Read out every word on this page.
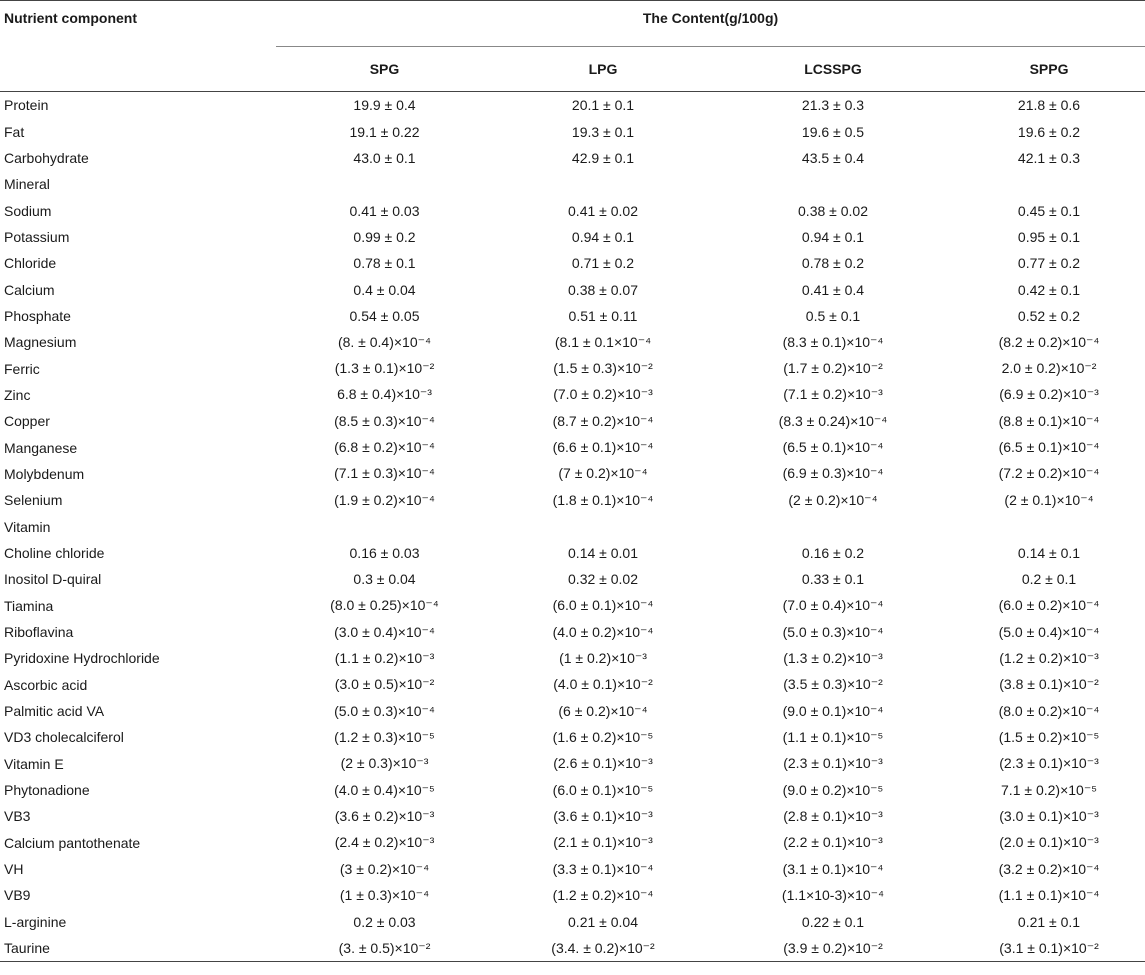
Nutrient component	The Content(g/100g)			
	SPG	LPG	LCSSPG	SPPG
Protein	19.9 ± 0.4	20.1 ± 0.1	21.3 ± 0.3	21.8 ± 0.6
Fat	19.1 ± 0.22	19.3 ± 0.1	19.6 ± 0.5	19.6 ± 0.2
Carbohydrate	43.0 ± 0.1	42.9 ± 0.1	43.5 ± 0.4	42.1 ± 0.3
Mineral				
Sodium	0.41 ± 0.03	0.41 ± 0.02	0.38 ± 0.02	0.45 ± 0.1
Potassium	0.99 ± 0.2	0.94 ± 0.1	0.94 ± 0.1	0.95 ± 0.1
Chloride	0.78 ± 0.1	0.71 ± 0.2	0.78 ± 0.2	0.77 ± 0.2
Calcium	0.4 ± 0.04	0.38 ± 0.07	0.41 ± 0.4	0.42 ± 0.1
Phosphate	0.54 ± 0.05	0.51 ± 0.11	0.5 ± 0.1	0.52 ± 0.2
Magnesium	(8. ± 0.4)×10⁻⁴	(8.1 ± 0.1×10⁻⁴	(8.3 ± 0.1)×10⁻⁴	(8.2 ± 0.2)×10⁻⁴
Ferric	(1.3 ± 0.1)×10⁻²	(1.5 ± 0.3)×10⁻²	(1.7 ± 0.2)×10⁻²	2.0 ± 0.2)×10⁻²
Zinc	6.8 ± 0.4)×10⁻³	(7.0 ± 0.2)×10⁻³	(7.1 ± 0.2)×10⁻³	(6.9 ± 0.2)×10⁻³
Copper	(8.5 ± 0.3)×10⁻⁴	(8.7 ± 0.2)×10⁻⁴	(8.3 ± 0.24)×10⁻⁴	(8.8 ± 0.1)×10⁻⁴
Manganese	(6.8 ± 0.2)×10⁻⁴	(6.6 ± 0.1)×10⁻⁴	(6.5 ± 0.1)×10⁻⁴	(6.5 ± 0.1)×10⁻⁴
Molybdenum	(7.1 ± 0.3)×10⁻⁴	(7 ± 0.2)×10⁻⁴	(6.9 ± 0.3)×10⁻⁴	(7.2 ± 0.2)×10⁻⁴
Selenium	(1.9 ± 0.2)×10⁻⁴	(1.8 ± 0.1)×10⁻⁴	(2 ± 0.2)×10⁻⁴	(2 ± 0.1)×10⁻⁴
Vitamin				
Choline chloride	0.16 ± 0.03	0.14 ± 0.01	0.16 ± 0.2	0.14 ± 0.1
Inositol D-quiral	0.3 ± 0.04	0.32 ± 0.02	0.33 ± 0.1	0.2 ± 0.1
Tiamina	(8.0 ± 0.25)×10⁻⁴	(6.0 ± 0.1)×10⁻⁴	(7.0 ± 0.4)×10⁻⁴	(6.0 ± 0.2)×10⁻⁴
Riboflavina	(3.0 ± 0.4)×10⁻⁴	(4.0 ± 0.2)×10⁻⁴	(5.0 ± 0.3)×10⁻⁴	(5.0 ± 0.4)×10⁻⁴
Pyridoxine Hydrochloride	(1.1 ± 0.2)×10⁻³	(1 ± 0.2)×10⁻³	(1.3 ± 0.2)×10⁻³	(1.2 ± 0.2)×10⁻³
Ascorbic acid	(3.0 ± 0.5)×10⁻²	(4.0 ± 0.1)×10⁻²	(3.5 ± 0.3)×10⁻²	(3.8 ± 0.1)×10⁻²
Palmitic acid VA	(5.0 ± 0.3)×10⁻⁴	(6 ± 0.2)×10⁻⁴	(9.0 ± 0.1)×10⁻⁴	(8.0 ± 0.2)×10⁻⁴
VD3 cholecalciferol	(1.2 ± 0.3)×10⁻⁵	(1.6 ± 0.2)×10⁻⁵	(1.1 ± 0.1)×10⁻⁵	(1.5 ± 0.2)×10⁻⁵
Vitamin E	(2 ± 0.3)×10⁻³	(2.6 ± 0.1)×10⁻³	(2.3 ± 0.1)×10⁻³	(2.3 ± 0.1)×10⁻³
Phytonadione	(4.0 ± 0.4)×10⁻⁵	(6.0 ± 0.1)×10⁻⁵	(9.0 ± 0.2)×10⁻⁵	7.1 ± 0.2)×10⁻⁵
VB3	(3.6 ± 0.2)×10⁻³	(3.6 ± 0.1)×10⁻³	(2.8 ± 0.1)×10⁻³	(3.0 ± 0.1)×10⁻³
Calcium pantothenate	(2.4 ± 0.2)×10⁻³	(2.1 ± 0.1)×10⁻³	(2.2 ± 0.1)×10⁻³	(2.0 ± 0.1)×10⁻³
VH	(3 ± 0.2)×10⁻⁴	(3.3 ± 0.1)×10⁻⁴	(3.1 ± 0.1)×10⁻⁴	(3.2 ± 0.2)×10⁻⁴
VB9	(1 ± 0.3)×10⁻⁴	(1.2 ± 0.2)×10⁻⁴	(1.1×10-3)×10⁻⁴	(1.1 ± 0.1)×10⁻⁴
L-arginine	0.2 ± 0.03	0.21 ± 0.04	0.22 ± 0.1	0.21 ± 0.1
Taurine	(3. ± 0.5)×10⁻²	(3.4. ± 0.2)×10⁻²	(3.9 ± 0.2)×10⁻²	(3.1 ± 0.1)×10⁻²
